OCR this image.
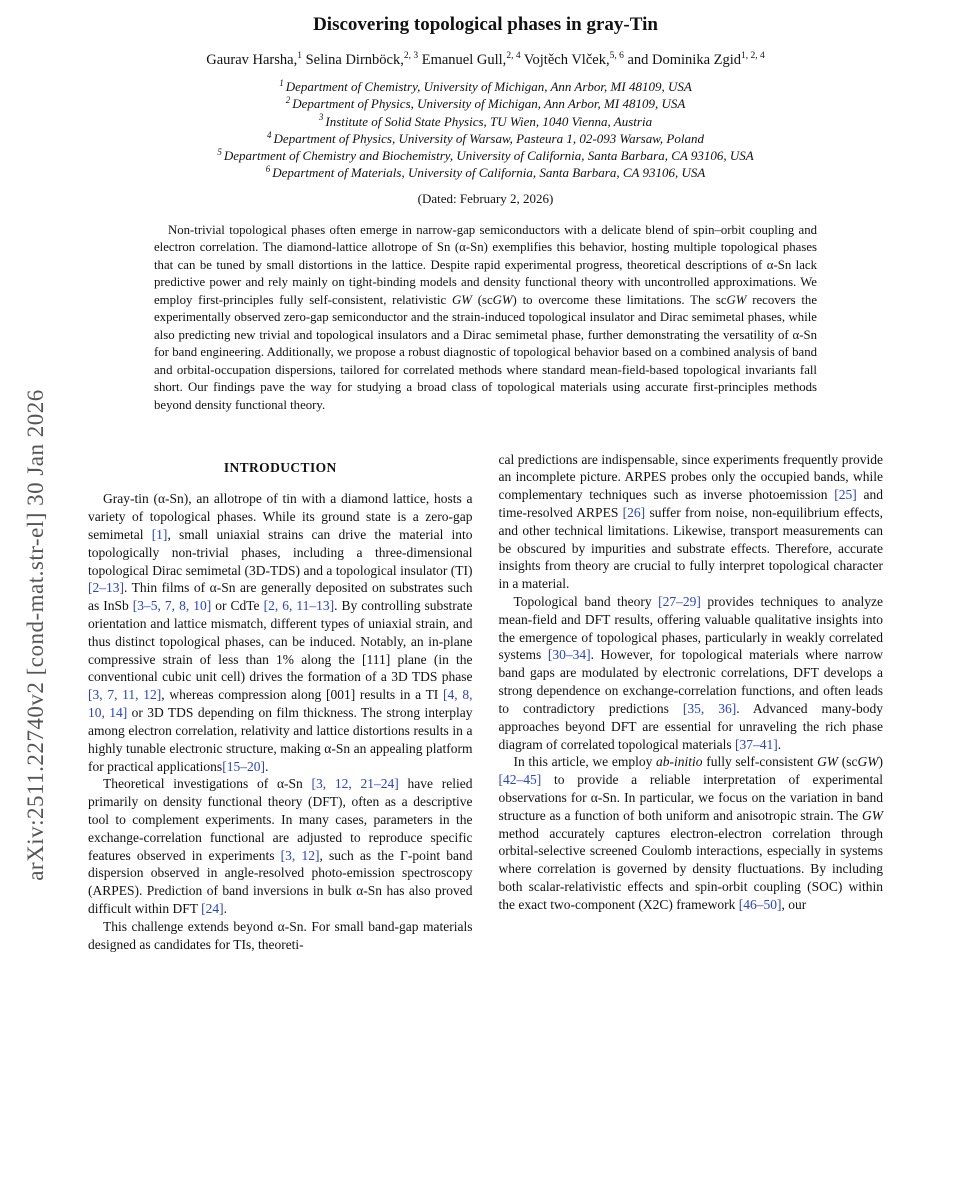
arXiv:2511.22740v2 [cond-mat.str-el] 30 Jan 2026
Discovering topological phases in gray-Tin
Gaurav Harsha,$^1$ Selina Dirnböck,$^{2, 3}$ Emanuel Gull,$^{2, 4}$ Vojtěch Vlček,$^{5, 6}$ and Dominika Zgid$^{1, 2, 4}$
$^1$ Department of Chemistry, University of Michigan, Ann Arbor, MI 48109, USA
$^2$ Department of Physics, University of Michigan, Ann Arbor, MI 48109, USA
$^3$ Institute of Solid State Physics, TU Wien, 1040 Vienna, Austria
$^4$ Department of Physics, University of Warsaw, Pasteura 1, 02-093 Warsaw, Poland
$^5$ Department of Chemistry and Biochemistry, University of California, Santa Barbara, CA 93106, USA
$^6$ Department of Materials, University of California, Santa Barbara, CA 93106, USA
(Dated: February 2, 2026)
Non-trivial topological phases often emerge in narrow-gap semiconductors with a delicate blend of spin–orbit coupling and electron correlation. The diamond-lattice allotrope of Sn (α-Sn) exemplifies this behavior, hosting multiple topological phases that can be tuned by small distortions in the lattice. Despite rapid experimental progress, theoretical descriptions of α-Sn lack predictive power and rely mainly on tight-binding models and density functional theory with uncontrolled approximations. We employ first-principles fully self-consistent, relativistic GW (scGW) to overcome these limitations. The scGW recovers the experimentally observed zero-gap semiconductor and the strain-induced topological insulator and Dirac semimetal phases, while also predicting new trivial and topological insulators and a Dirac semimetal phase, further demonstrating the versatility of α-Sn for band engineering. Additionally, we propose a robust diagnostic of topological behavior based on a combined analysis of band and orbital-occupation dispersions, tailored for correlated methods where standard mean-field-based topological invariants fall short. Our findings pave the way for studying a broad class of topological materials using accurate first-principles methods beyond density functional theory.
INTRODUCTION

Gray-tin (α-Sn), an allotrope of tin with a diamond lattice, hosts a variety of topological phases. While its ground state is a zero-gap semimetal [1], small uniaxial strains can drive the material into topologically non-trivial phases, including a three-dimensional topological Dirac semimetal (3D-TDS) and a topological insulator (TI) [2–13]. Thin films of α-Sn are generally deposited on substrates such as InSb [3–5, 7, 8, 10] or CdTe [2, 6, 11–13]. By controlling substrate orientation and lattice mismatch, different types of uniaxial strain, and thus distinct topological phases, can be induced. Notably, an in-plane compressive strain of less than 1% along the [111] plane (in the conventional cubic unit cell) drives the formation of a 3D TDS phase [3, 7, 11, 12], whereas compression along [001] results in a TI [4, 8, 10, 14] or 3D TDS depending on film thickness. The strong interplay among electron correlation, relativity and lattice distortions results in a highly tunable electronic structure, making α-Sn an appealing platform for practical applications[15–20].

Theoretical investigations of α-Sn [3, 12, 21–24] have relied primarily on density functional theory (DFT), often as a descriptive tool to complement experiments. In many cases, parameters in the exchange-correlation functional are adjusted to reproduce specific features observed in experiments [3, 12], such as the Γ-point band dispersion observed in angle-resolved photo-emission spectroscopy (ARPES). Prediction of band inversions in bulk α-Sn has also proved difficult within DFT [24].

This challenge extends beyond α-Sn. For small band-gap materials designed as candidates for TIs, theoreti-

cal predictions are indispensable, since experiments frequently provide an incomplete picture. ARPES probes only the occupied bands, while complementary techniques such as inverse photoemission [25] and time-resolved ARPES [26] suffer from noise, non-equilibrium effects, and other technical limitations. Likewise, transport measurements can be obscured by impurities and substrate effects. Therefore, accurate insights from theory are crucial to fully interpret topological character in a material.

Topological band theory [27–29] provides techniques to analyze mean-field and DFT results, offering valuable qualitative insights into the emergence of topological phases, particularly in weakly correlated systems [30–34]. However, for topological materials where narrow band gaps are modulated by electronic correlations, DFT develops a strong dependence on exchange-correlation functions, and often leads to contradictory predictions [35, 36]. Advanced many-body approaches beyond DFT are essential for unraveling the rich phase diagram of correlated topological materials [37–41].

In this article, we employ ab-initio fully self-consistent GW (scGW) [42–45] to provide a reliable interpretation of experimental observations for α-Sn. In particular, we focus on the variation in band structure as a function of both uniform and anisotropic strain. The GW method accurately captures electron-electron correlation through orbital-selective screened Coulomb interactions, especially in systems where correlation is governed by density fluctuations. By including both scalar-relativistic effects and spin-orbit coupling (SOC) within the exact two-component (X2C) framework [46–50], our
